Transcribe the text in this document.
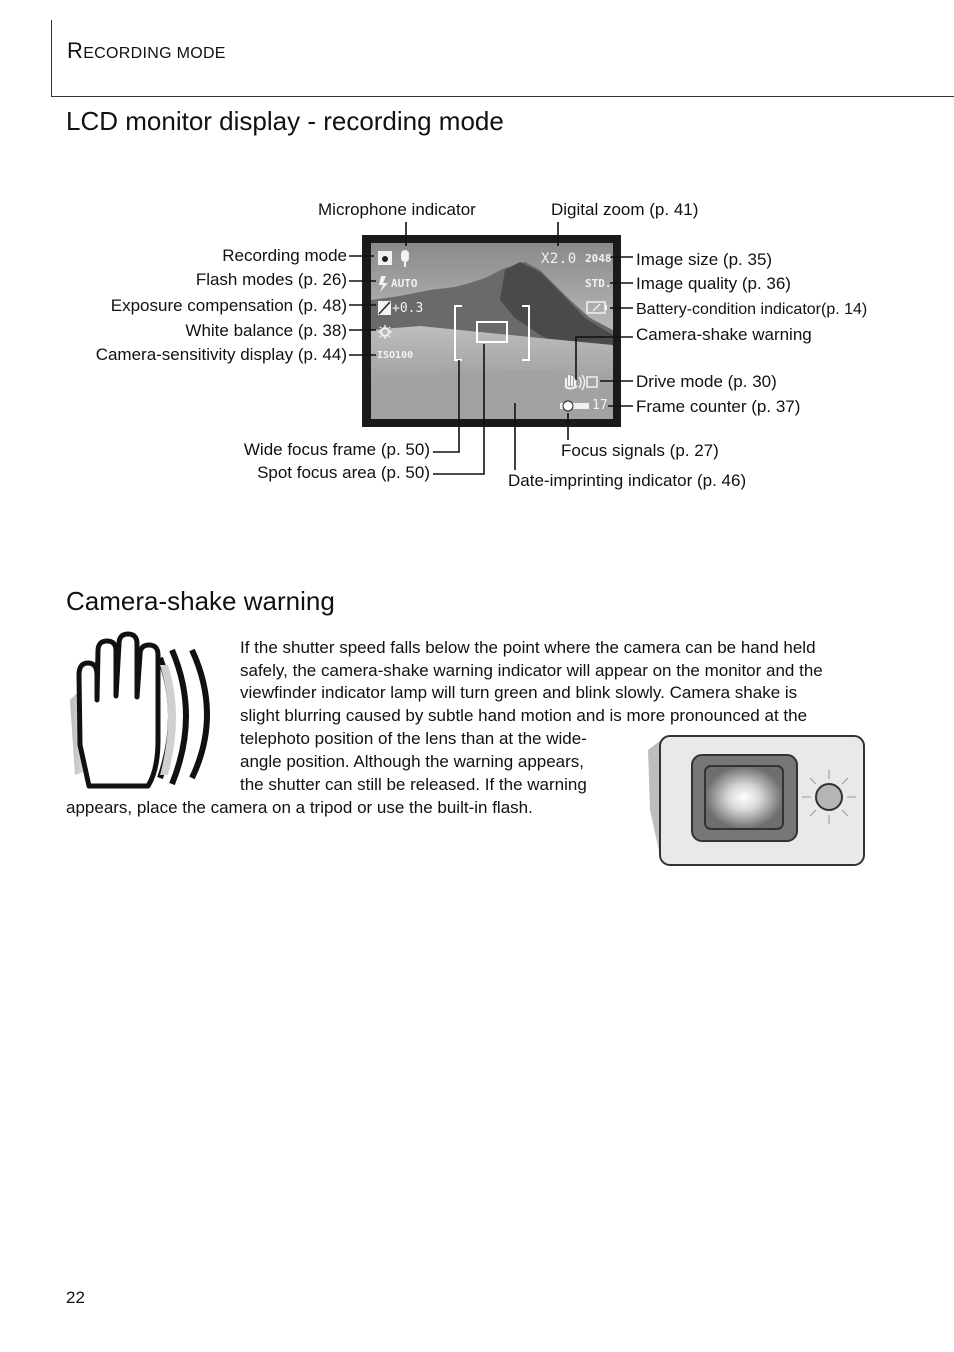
RECORDING MODE
LCD monitor display - recording mode
X2.0 2048
STD.
AUTO
+0.3
ISO100
17
Microphone indicator	Digital zoom (p. 41)
Recording mode
Flash modes (p. 26)
Exposure compensation (p. 48)
White balance (p. 38)
Camera-sensitivity display (p. 44)
Image size (p. 35)
Image quality (p. 36)
Battery-condition indicator(p. 14)
Camera-shake warning
Drive mode (p. 30)
Frame counter (p. 37)
Wide focus frame (p. 50)
Spot focus area (p. 50)
Focus signals (p. 27)
Date-imprinting indicator (p. 46)
Camera-shake warning
If the shutter speed falls below the point where the camera can be hand held
safely, the camera-shake warning indicator will appear on the monitor and the
viewfinder indicator lamp will turn green and blink slowly. Camera shake is
slight blurring caused by subtle hand motion and is more pronounced at the
telephoto position of the lens than at the wide-
angle position. Although the warning appears,
the shutter can still be released. If the warning
appears, place the camera on a tripod or use the built-in flash.
22
